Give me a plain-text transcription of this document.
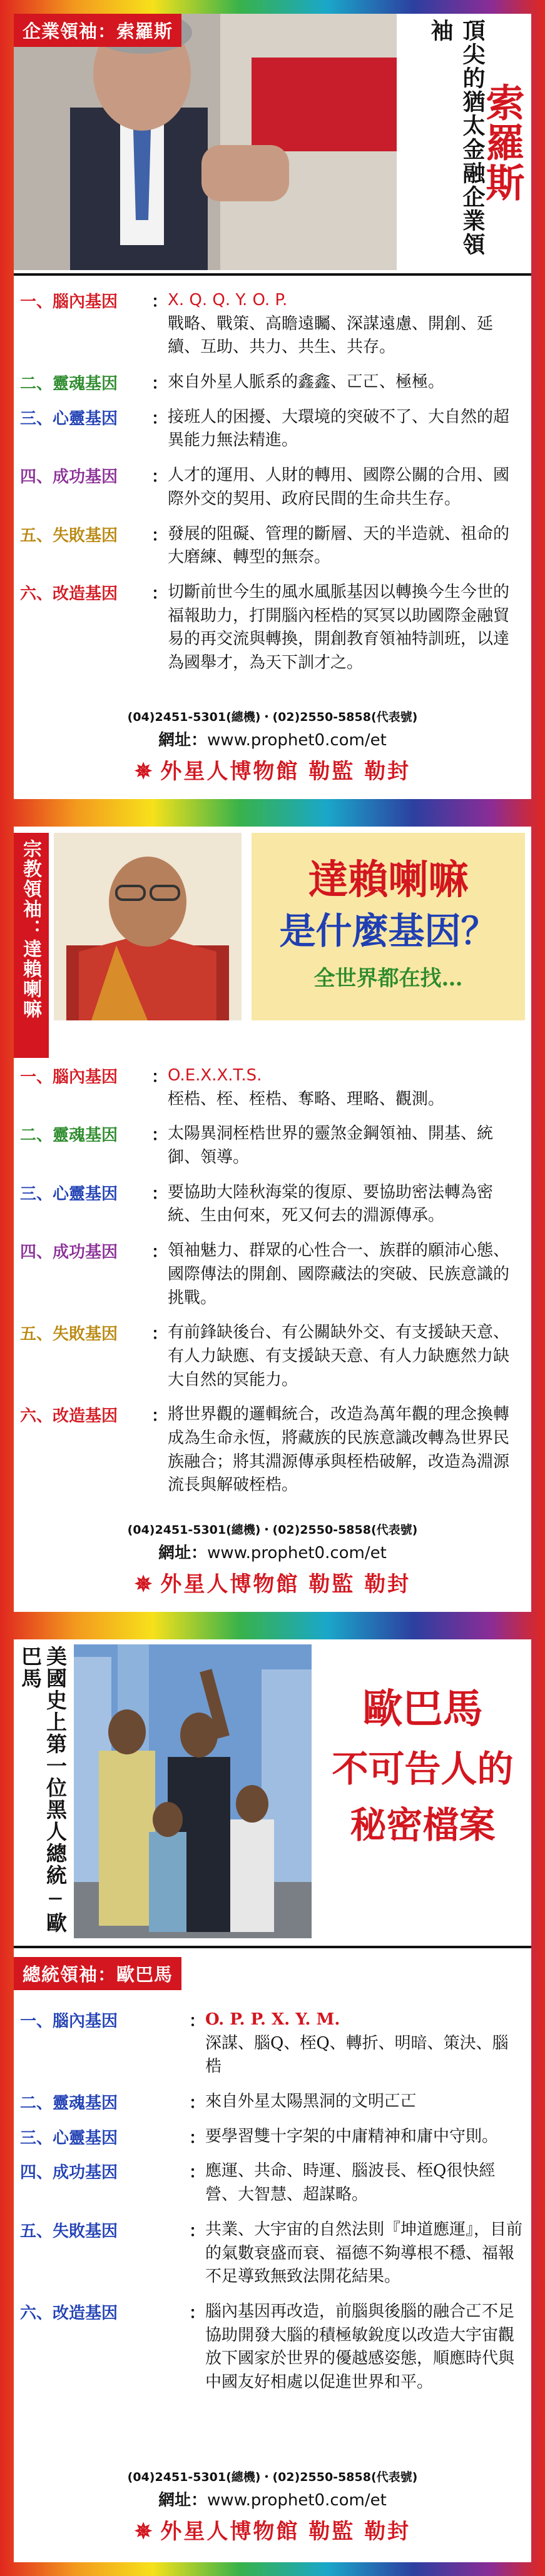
企業領袖：索羅斯	頂尖的猶太金融企業領袖
索羅斯
一、腦內基因	： X. Q. Q. Y. O. P.
戰略、戰策、高瞻遠矚、深謀遠慮、開創、延續、互助、共力、共生、共存。
二、靈魂基因	： 來自外星人脈系的鑫鑫、𠀀𠀀、極極。
三、心靈基因	： 接班人的困擾、大環境的突破不了、大自然的超異能力無法精進。
四、成功基因	： 人才的運用、人財的轉用、國際公關的合用、國際外交的契用、政府民間的生命共生存。
五、失敗基因	： 發展的阻礙、管理的斷層、天的半造就、祖命的大磨練、轉型的無奈。
六、改造基因	： 切斷前世今生的風水風脈基因以轉換今生今世的福報助力，打開腦內桎梏的冥冥以助國際金融貿易的再交流與轉換，開創教育領袖特訓班，以達為國舉才，為天下訓才之。
(04)2451-5301(總機)・(02)2550-5858(代表號)
網址：www.prophet0.com/et
✵ 外星人博物館 勒監 勒封
宗教領袖：達賴喇嘛	達賴喇嘛
是什麼基因？
全世界都在找…
一、腦內基因	： O.E.X.X.T.S.
桎梏、桎、桎梏、奪略、理略、觀測。
二、靈魂基因	： 太陽異洞桎梏世界的靈煞金鋼領袖、開基、統御、領導。
三、心靈基因	： 要協助大陸秋海棠的復原、要協助密法轉為密統、生由何來，死又何去的淵源傳承。
四、成功基因	： 領袖魅力、群眾的心性合一、族群的願沛心態、國際傳法的開創、國際藏法的突破、民族意識的挑戰。
五、失敗基因	： 有前鋒缺後台、有公關缺外交、有支援缺天意、有人力缺應、有支援缺天意、有人力缺應然力缺大自然的冥能力。
六、改造基因	： 將世界觀的邏輯統合，改造為萬年觀的理念換轉成為生命永恆，將藏族的民族意識改轉為世界民族融合；將其淵源傳承與桎梏破解，改造為淵源流長與解破桎梏。
(04)2451-5301(總機)・(02)2550-5858(代表號)
網址：www.prophet0.com/et
✵ 外星人博物館 勒監 勒封
美國史上第一位黑人總統─歐巴馬
歐巴馬
不可告人的
秘密檔案
總統領袖：歐巴馬
一、腦內基因	： O. P. P. X. Y. M.
深謀、腦Q、桎Q、轉折、明暗、策決、腦梏
二、靈魂基因	： 來自外星太陽黑洞的文明𠀀𠀀
三、心靈基因	： 要學習雙十字架的中庸精神和庸中守則。
四、成功基因	： 應運、共命、時運、腦波長、桎Q很快經營、大智慧、超謀略。
五、失敗基因	： 共業、大宇宙的自然法則『坤道應運』，目前的氣數衰盛而衰、福德不夠導根不穩、福報不足導致無致法開花結果。
六、改造基因	： 腦內基因再改造，前腦與後腦的融合𠀀不足協助開發大腦的積極敏銳度以改造大宇宙觀放下國家於世界的優越感姿態，順應時代與中國友好相處以促進世界和平。
(04)2451-5301(總機)・(02)2550-5858(代表號)
網址：www.prophet0.com/et
✵ 外星人博物館 勒監 勒封
